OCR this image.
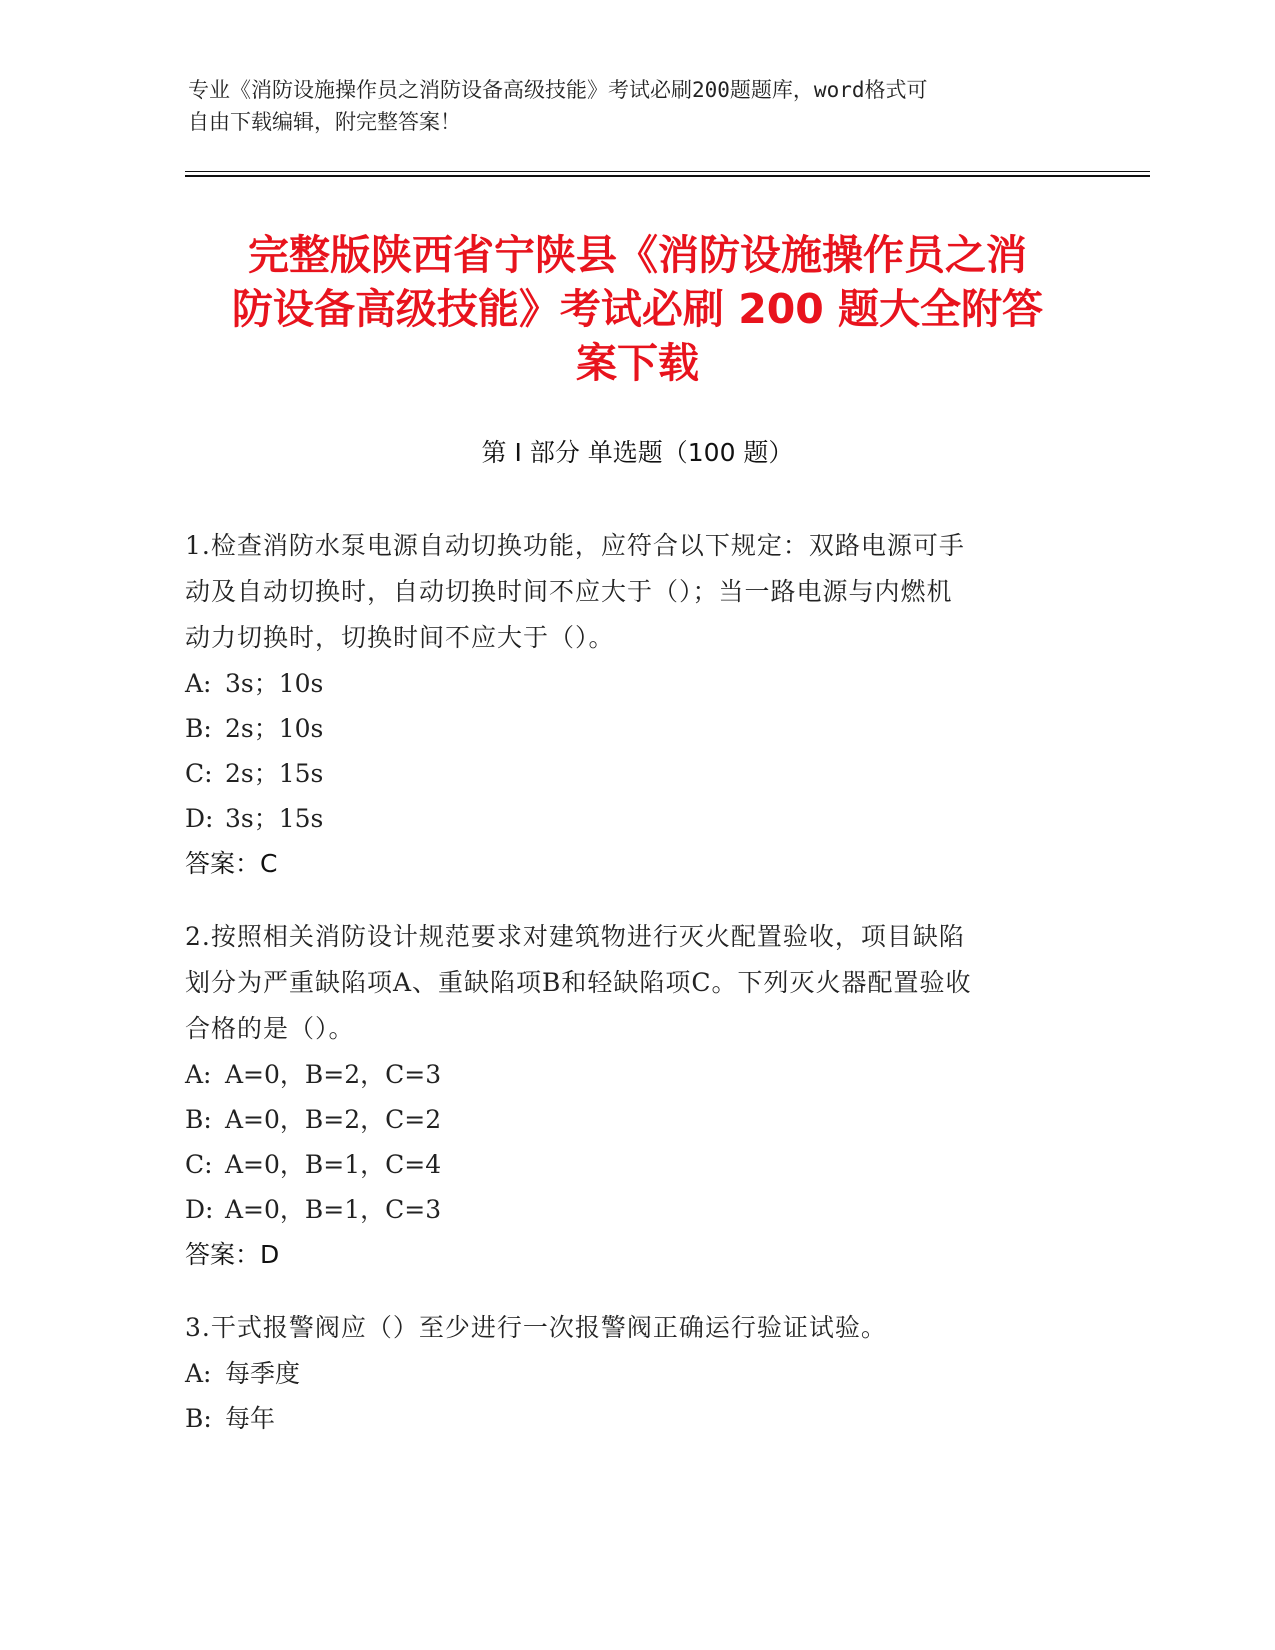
专业《消防设施操作员之消防设备高级技能》考试必刷200题题库，word格式可

自由下载编辑，附完整答案！

完整版陕西省宁陕县《消防设施操作员之消

防设备高级技能》考试必刷 200 题大全附答

案下载

第 I 部分 单选题（100 题）

1.检查消防水泵电源自动切换功能，应符合以下规定：双路电源可手

动及自动切换时，自动切换时间不应大于（）；当一路电源与内燃机

动力切换时，切换时间不应大于（）。

A: 3s；10s
B: 2s；10s
C: 2s；15s
D: 3s；15s
答案：C

2.按照相关消防设计规范要求对建筑物进行灭火配置验收，项目缺陷

划分为严重缺陷项A、重缺陷项B和轻缺陷项C。下列灭火器配置验收

合格的是（）。

A: A=0，B=2，C=3
B: A=0，B=2，C=2
C: A=0，B=1，C=4
D: A=0，B=1，C=3
答案：D

3.干式报警阀应（）至少进行一次报警阀正确运行验证试验。

A: 每季度
B: 每年
